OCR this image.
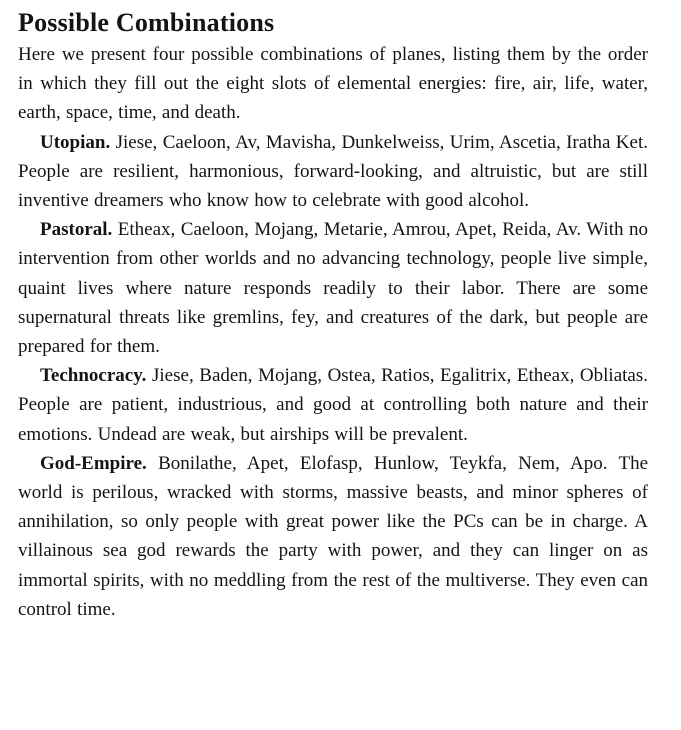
Possible Combinations

Here we present four possible combinations of planes, listing them by the order in which they fill out the eight slots of elemental energies: fire, air, life, water, earth, space, time, and death.

Utopian. Jiese, Caeloon, Av, Mavisha, Dunkelweiss, Urim, Ascetia, Iratha Ket. People are resilient, harmonious, forward-looking, and altruistic, but are still inventive dreamers who know how to celebrate with good alcohol.

Pastoral. Etheax, Caeloon, Mojang, Metarie, Amrou, Apet, Reida, Av. With no intervention from other worlds and no advancing technology, people live simple, quaint lives where nature responds readily to their labor. There are some supernatural threats like gremlins, fey, and creatures of the dark, but people are prepared for them.

Technocracy. Jiese, Baden, Mojang, Ostea, Ratios, Egalitrix, Etheax, Obliatas. People are patient, industrious, and good at controlling both nature and their emotions. Undead are weak, but airships will be prevalent.

God-Empire. Bonilathe, Apet, Elofasp, Hunlow, Teykfa, Nem, Apo. The world is perilous, wracked with storms, massive beasts, and minor spheres of annihilation, so only people with great power like the PCs can be in charge. A villainous sea god rewards the party with power, and they can linger on as immortal spirits, with no meddling from the rest of the multiverse. They even can control time.
